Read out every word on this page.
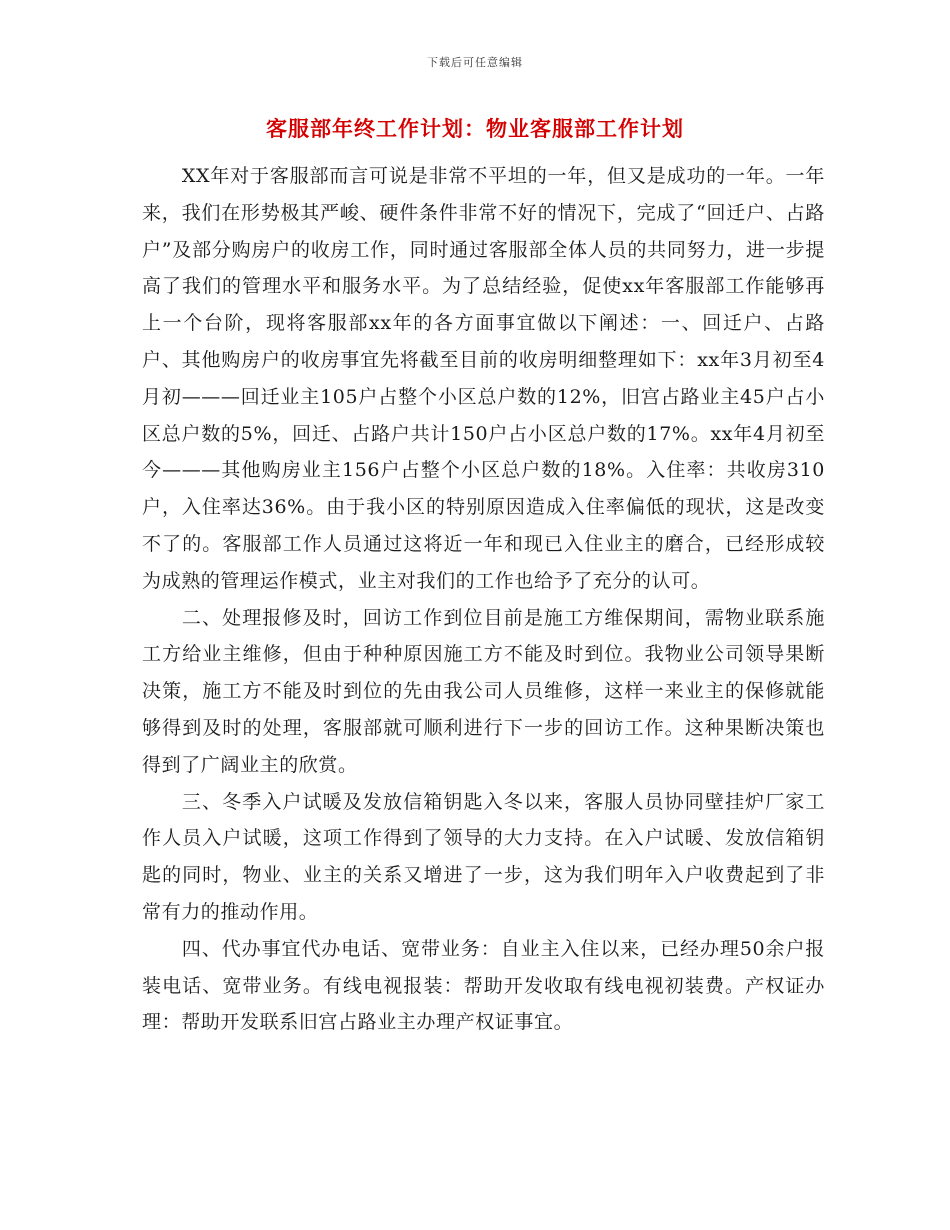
下载后可任意编辑
客服部年终工作计划：物业客服部工作计划

XX年对于客服部而言可说是非常不平坦的一年，但又是成功的一年。一年来，我们在形势极其严峻、硬件条件非常不好的情况下，完成了“回迁户、占路户”及部分购房户的收房工作，同时通过客服部全体人员的共同努力，进一步提高了我们的管理水平和服务水平。为了总结经验，促使xx年客服部工作能够再上一个台阶，现将客服部xx年的各方面事宜做以下阐述：一、回迁户、占路户、其他购房户的收房事宜先将截至目前的收房明细整理如下：xx年3月初至4月初———回迁业主105户占整个小区总户数的12%，旧宫占路业主45户占小区总户数的5%，回迁、占路户共计150户占小区总户数的17%。xx年4月初至今———其他购房业主156户占整个小区总户数的18%。入住率：共收房310户，入住率达36%。由于我小区的特别原因造成入住率偏低的现状，这是改变不了的。客服部工作人员通过这将近一年和现已入住业主的磨合，已经形成较为成熟的管理运作模式，业主对我们的工作也给予了充分的认可。

二、处理报修及时，回访工作到位目前是施工方维保期间，需物业联系施工方给业主维修，但由于种种原因施工方不能及时到位。我物业公司领导果断决策，施工方不能及时到位的先由我公司人员维修，这样一来业主的保修就能够得到及时的处理，客服部就可顺利进行下一步的回访工作。这种果断决策也得到了广阔业主的欣赏。

三、冬季入户试暖及发放信箱钥匙入冬以来，客服人员协同壁挂炉厂家工作人员入户试暖，这项工作得到了领导的大力支持。在入户试暖、发放信箱钥匙的同时，物业、业主的关系又增进了一步，这为我们明年入户收费起到了非常有力的推动作用。

四、代办事宜代办电话、宽带业务：自业主入住以来，已经办理50余户报装电话、宽带业务。有线电视报装：帮助开发收取有线电视初装费。产权证办理：帮助开发联系旧宫占路业主办理产权证事宜。
